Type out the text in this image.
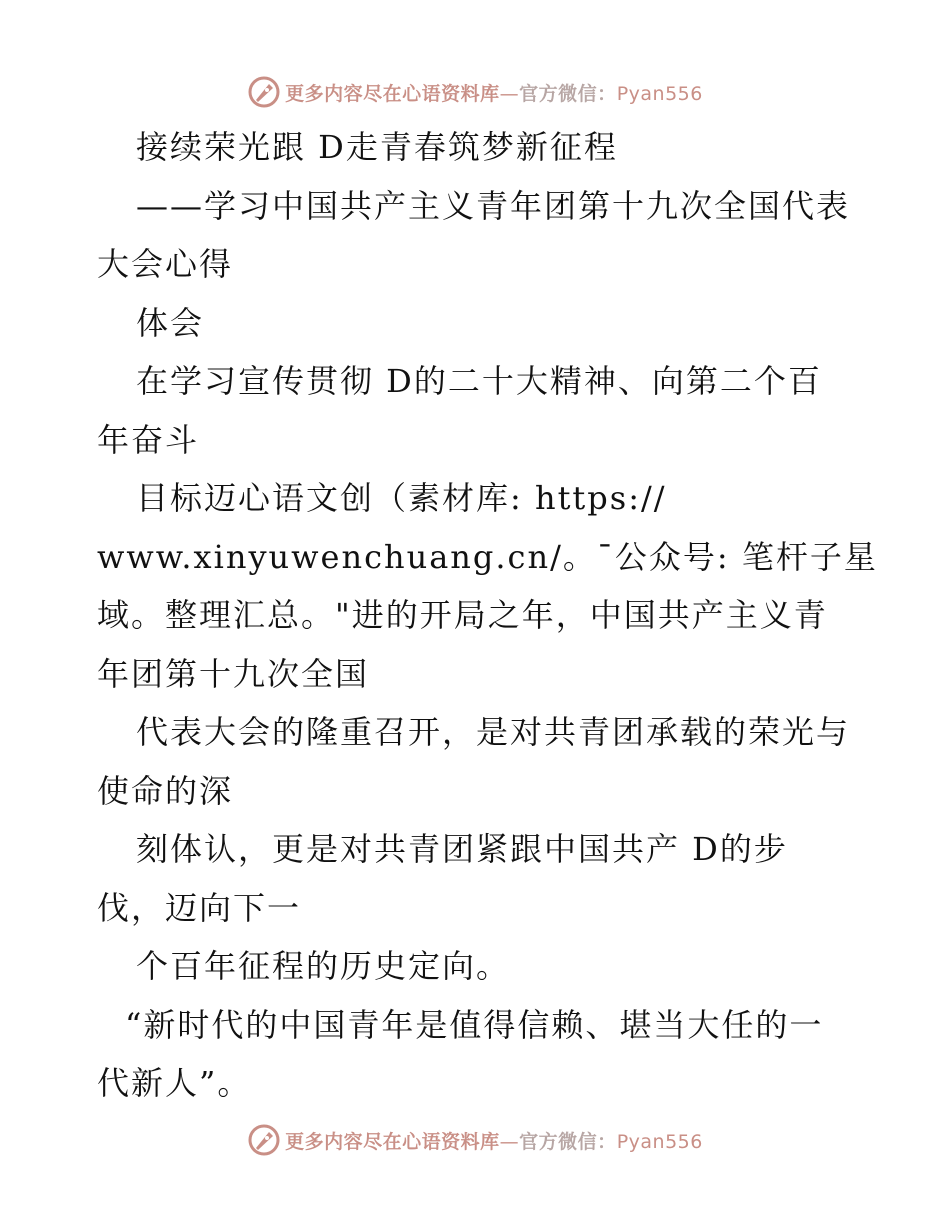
更多内容尽在心语资料库—官方微信：Pyan556
接续荣光跟 D走青春筑梦新征程
——学习中国共产主义青年团第十九次全国代表
大会心得
体会
在学习宣传贯彻 D的二十大精神、向第二个百
年奋斗
目标迈心语文创（素材库: https://
www.xinyuwenchuang.cn/。¯公众号: 笔杆子星
域。整理汇总。"进的开局之年，中国共产主义青
年团第十九次全国
代表大会的隆重召开，是对共青团承载的荣光与
使命的深
刻体认，更是对共青团紧跟中国共产 D的步
伐，迈向下一
个百年征程的历史定向。
“新时代的中国青年是值得信赖、堪当大任的一
代新人”。
更多内容尽在心语资料库—官方微信：Pyan556
